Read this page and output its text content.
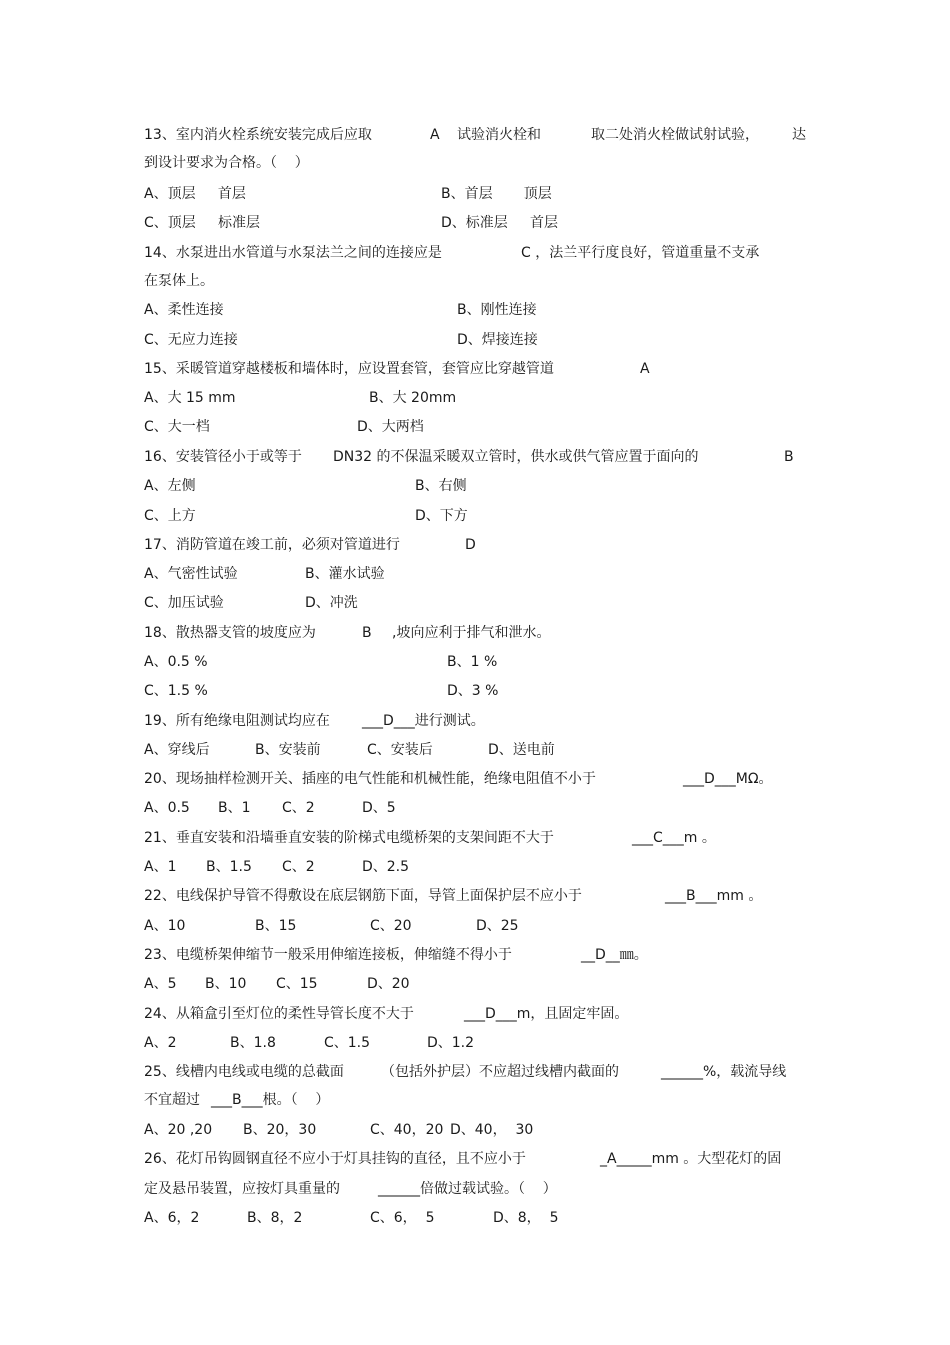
13、室内消火栓系统安装完成后应取	A 试验消火栓和	取二处消火栓做试射试验， 达
到设计要求为合格。（    ）
A、顶层     首层	B、首层       顶层
C、顶层     标准层	D、标准层     首层
14、水泵进出水管道与水泵法兰之间的连接应是	C ，法兰平行度良好，管道重量不支承
在泵体上。
A、柔性连接	B、刚性连接
C、无应力连接	D、焊接连接
15、采暖管道穿越楼板和墙体时，应设置套管，套管应比穿越管道	A
A、大 15 mm	B、大 20mm
C、大一档	D、大两档
16、安装管径小于或等于 DN32 的不保温采暖双立管时，供水或供气管应置于面向的	B
A、左侧	B、右侧
C、上方	D、下方
17、消防管道在竣工前，必须对管道进行	D
A、气密性试验	B、灌水试验
C、加压试验	D、冲洗
18、散热器支管的坡度应为	B ,坡向应利于排气和泄水。
A、0.5 %	B、1 %
C、1.5 %	D、3 %
19、所有绝缘电阻测试均应在 ___D___进行测试。
A、穿线后	B、安装前	C、安装后	D、送电前
20、现场抽样检测开关、插座的电气性能和机械性能，绝缘电阻值不小于	___D___MΩ。
A、0.5 B、1 C、2	D、5
21、垂直安装和沿墙垂直安装的阶梯式电缆桥架的支架间距不大于	___C___m 。
A、1 B、1.5 C、2	D、2.5
22、电线保护导管不得敷设在底层钢筋下面，导管上面保护层不应小于	___B___mm 。
A、10	B、15	C、20	D、25
23、电缆桥架伸缩节一般采用伸缩连接板，伸缩缝不得小于	__D__㎜。
A、5 B、10 C、15	D、20
24、从箱盒引至灯位的柔性导管长度不大于	___D___m，且固定牢固。
A、2	B、1.8	C、1.5	D、1.2
25、线槽内电线或电缆的总截面	（包括外护层）不应超过线槽内截面的	______%，载流导线
不宜超过 ___B___根。（    ）
A、20 ,20 B、20，30	C、40，20 D、40，  30
26、花灯吊钩圆钢直径不应小于灯具挂钩的直径，且不应小于	_A_____mm 。大型花灯的固
定及悬吊装置，应按灯具重量的	______倍做过载试验。（    ）
A、6，2	B、8，2	C、6，  5	D、8，  5
